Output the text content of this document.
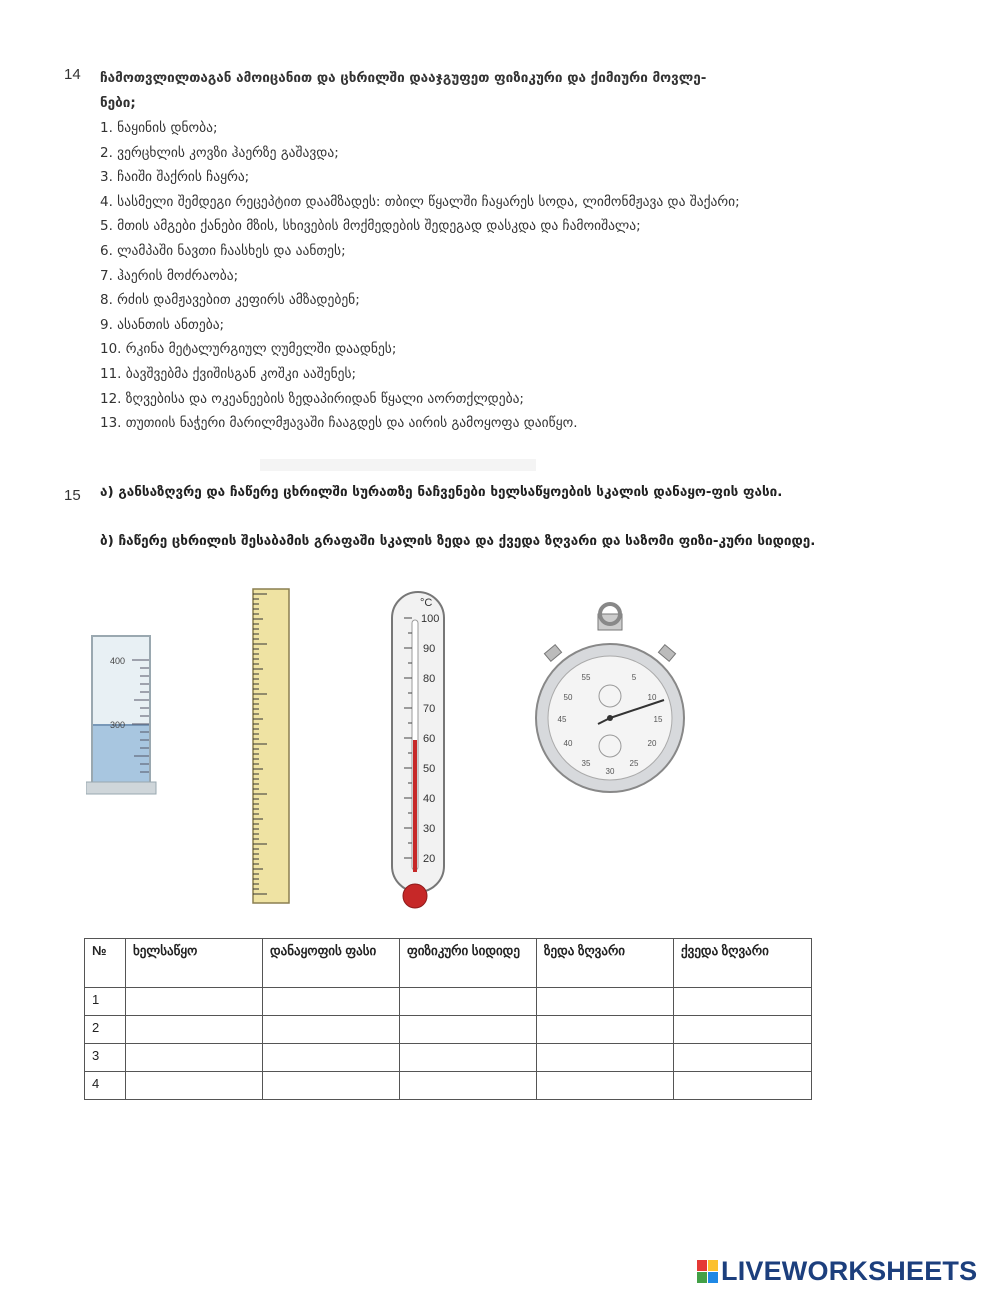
14 ჩამოთვლილთაგან ამოიცანით და ცხრილში დააჯგუფეთ ფიზიკური და ქიმიური მოვლე-
ნები;
1. ნაყინის დნობა;
2. ვერცხლის კოვზი ჰაერზე გაშავდა;
3. ჩაიში შაქრის ჩაყრა;
4. სასმელი შემდეგი რეცეპტით დაამზადეს: თბილ წყალში ჩაყარეს სოდა, ლიმონმჟავა და შაქარი;
5. მთის ამგები ქანები მზის, სხივების მოქმედების შედეგად დასკდა და ჩამოიშალა;
6. ლამპაში ნავთი ჩაასხეს და აანთეს;
7. ჰაერის მოძრაობა;
8. რძის დამჟავებით კეფირს ამზადებენ;
9. ასანთის ანთება;
10. რკინა მეტალურგიულ ღუმელში დაადნეს;
11. ბავშვებმა ქვიშისგან კოშკი ააშენეს;
12. ზღვებისა და ოკეანეების ზედაპირიდან წყალი აორთქლდება;
13. თუთიის ნაჭერი მარილმჟავაში ჩააგდეს და აირის გამოყოფა დაიწყო.
15 ა) განსაზღვრე და ჩაწერე ცხრილში სურათზე ნაჩვენები ხელსაწყოების სკალის დანაყო-ფის ფასი.
ბ) ჩაწერე ცხრილის შესაბამის გრაფაში სკალის ზედა და ქვედა ზღვარი და საზომი ფიზი-კური სიდიდე.
400
300
°C
100
90
80
70
60
50
40
30
20
55	5
50	10
45	15
40	20
35	25
30
№	ხელსაწყო	დანაყოფის ფასი	ფიზიკური სიდიდე	ზედა ზღვარი	ქვედა ზღვარი
1					
2					
3					
4					
LIVEWORKSHEETS
